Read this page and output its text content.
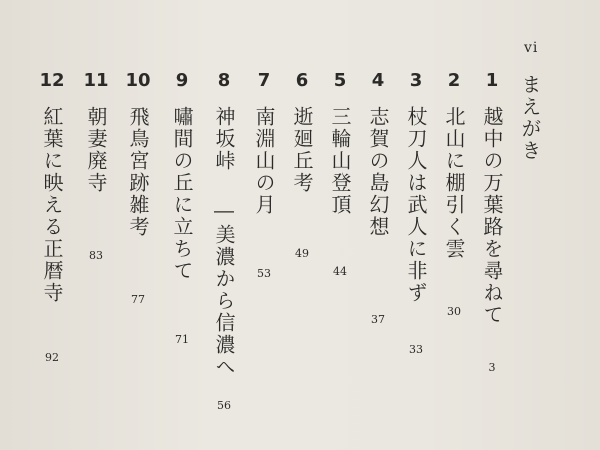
vi
まえがき
1
越中の万葉路を尋ねて
3
2
北山に棚引く雲
30
3
杖刀人は武人に非ず
33
4
志賀の島幻想
37
5
三輪山登頂
44
6
逝廻丘考
49
7
南淵山の月
53
8
神坂峠 ―美濃から信濃へ
56
9
嘯間の丘に立ちて
71
10
飛鳥宮跡雑考
77
11
朝妻廃寺
83
12
紅葉に映える正暦寺
92
